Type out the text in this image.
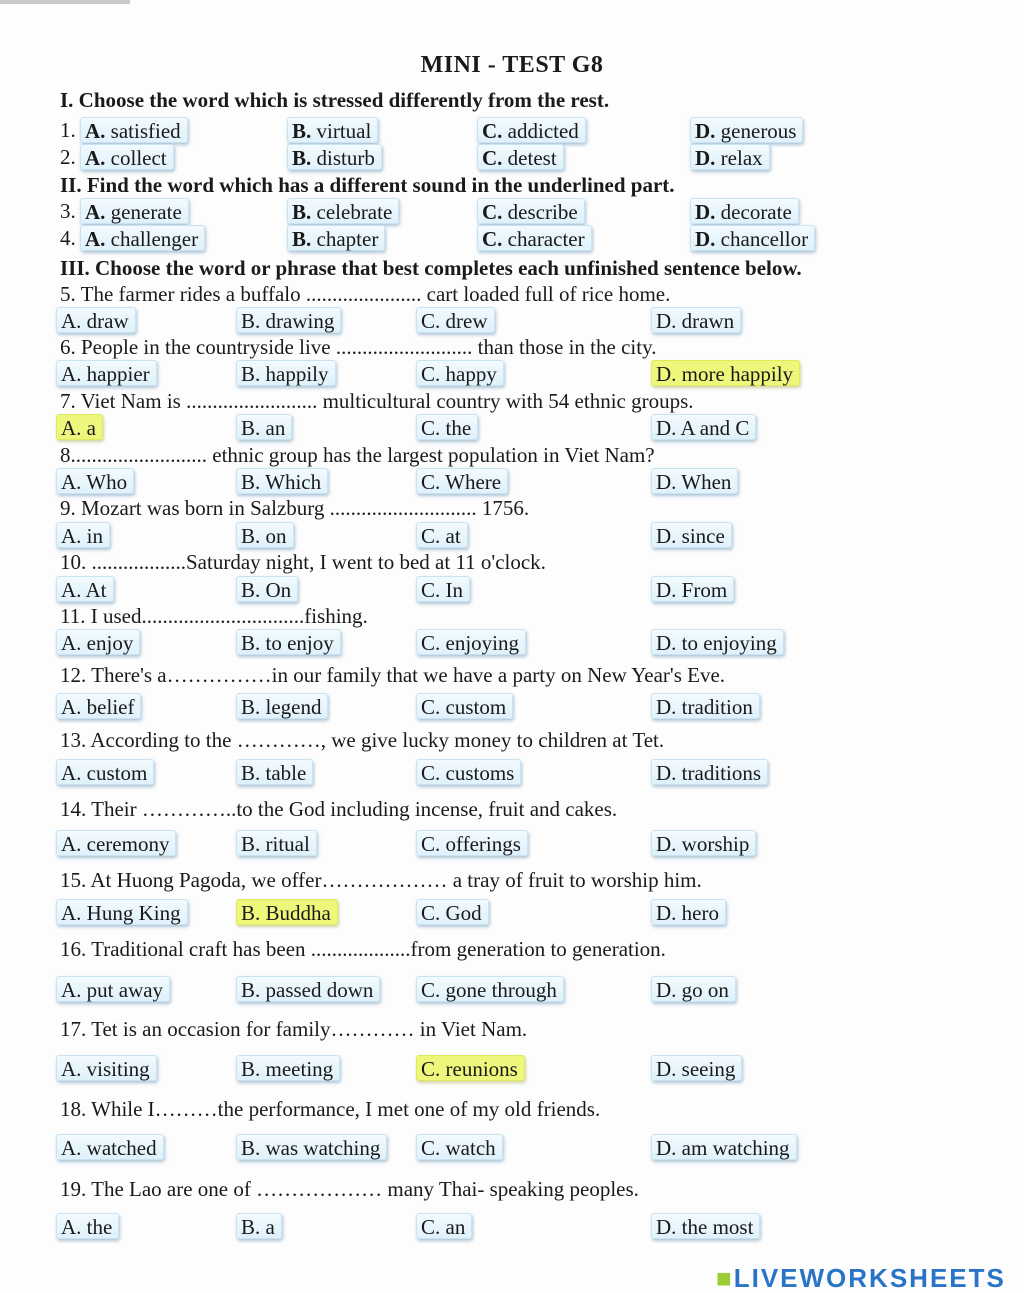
MINI - TEST G8
I. Choose the word which is stressed differently from the rest.
II. Find the word which has a different sound in the underlined part.
III. Choose the word or phrase that best completes each unfinished sentence below.
1. A. satisfied	B. virtual	C. addicted	D. generous
2. A. collect	B. disturb	C. detest	D. relax
3. A. generate	B. celebrate	C. describe	D. decorate
4. A. challenger	B. chapter	C. character	D. chancellor
5. The farmer rides a buffalo ...................... cart loaded full of rice home.
A. draw	B. drawing	C. drew	D. drawn
6. People in the countryside live .......................... than those in the city.
A. happier	B. happily	C. happy	D. more happily
7. Viet Nam is ......................... multicultural country with 54 ethnic groups.
A. a	B. an	C. the	D. A and C
8.......................... ethnic group has the largest population in Viet Nam?
A. Who	B. Which	C. Where	D. When
9. Mozart was born in Salzburg ............................ 1756.
A. in	B. on	C. at	D. since
10. ..................Saturday night, I went to bed at 11 o'clock.
A. At	B. On	C. In	D. From
11. I used...............................fishing.
A. enjoy	B. to enjoy	C. enjoying	D. to enjoying
12. There's a……………in our family that we have a party on New Year's Eve.
A. belief	B. legend	C. custom	D. tradition
13. According to the …………, we give lucky money to children at Tet.
A. custom	B. table	C. customs	D. traditions
14. Their …………..to the God including incense, fruit and cakes.
A. ceremony	B. ritual	C. offerings	D. worship
15. At Huong Pagoda, we offer……………… a tray of fruit to worship him.
A. Hung King	B. Buddha	C. God	D. hero
16. Traditional craft has been ...................from generation to generation.
A. put away	B. passed down	C. gone through	D. go on
17. Tet is an occasion for family………… in Viet Nam.
A. visiting	B. meeting	C. reunions	D. seeing
18. While I………the performance, I met one of my old friends.
A. watched	B. was watching	C. watch	D. am watching
19. The Lao are one of ……………… many Thai- speaking peoples.
A. the	B. a	C. an	D. the most
■LIVEWORKSHEETS
